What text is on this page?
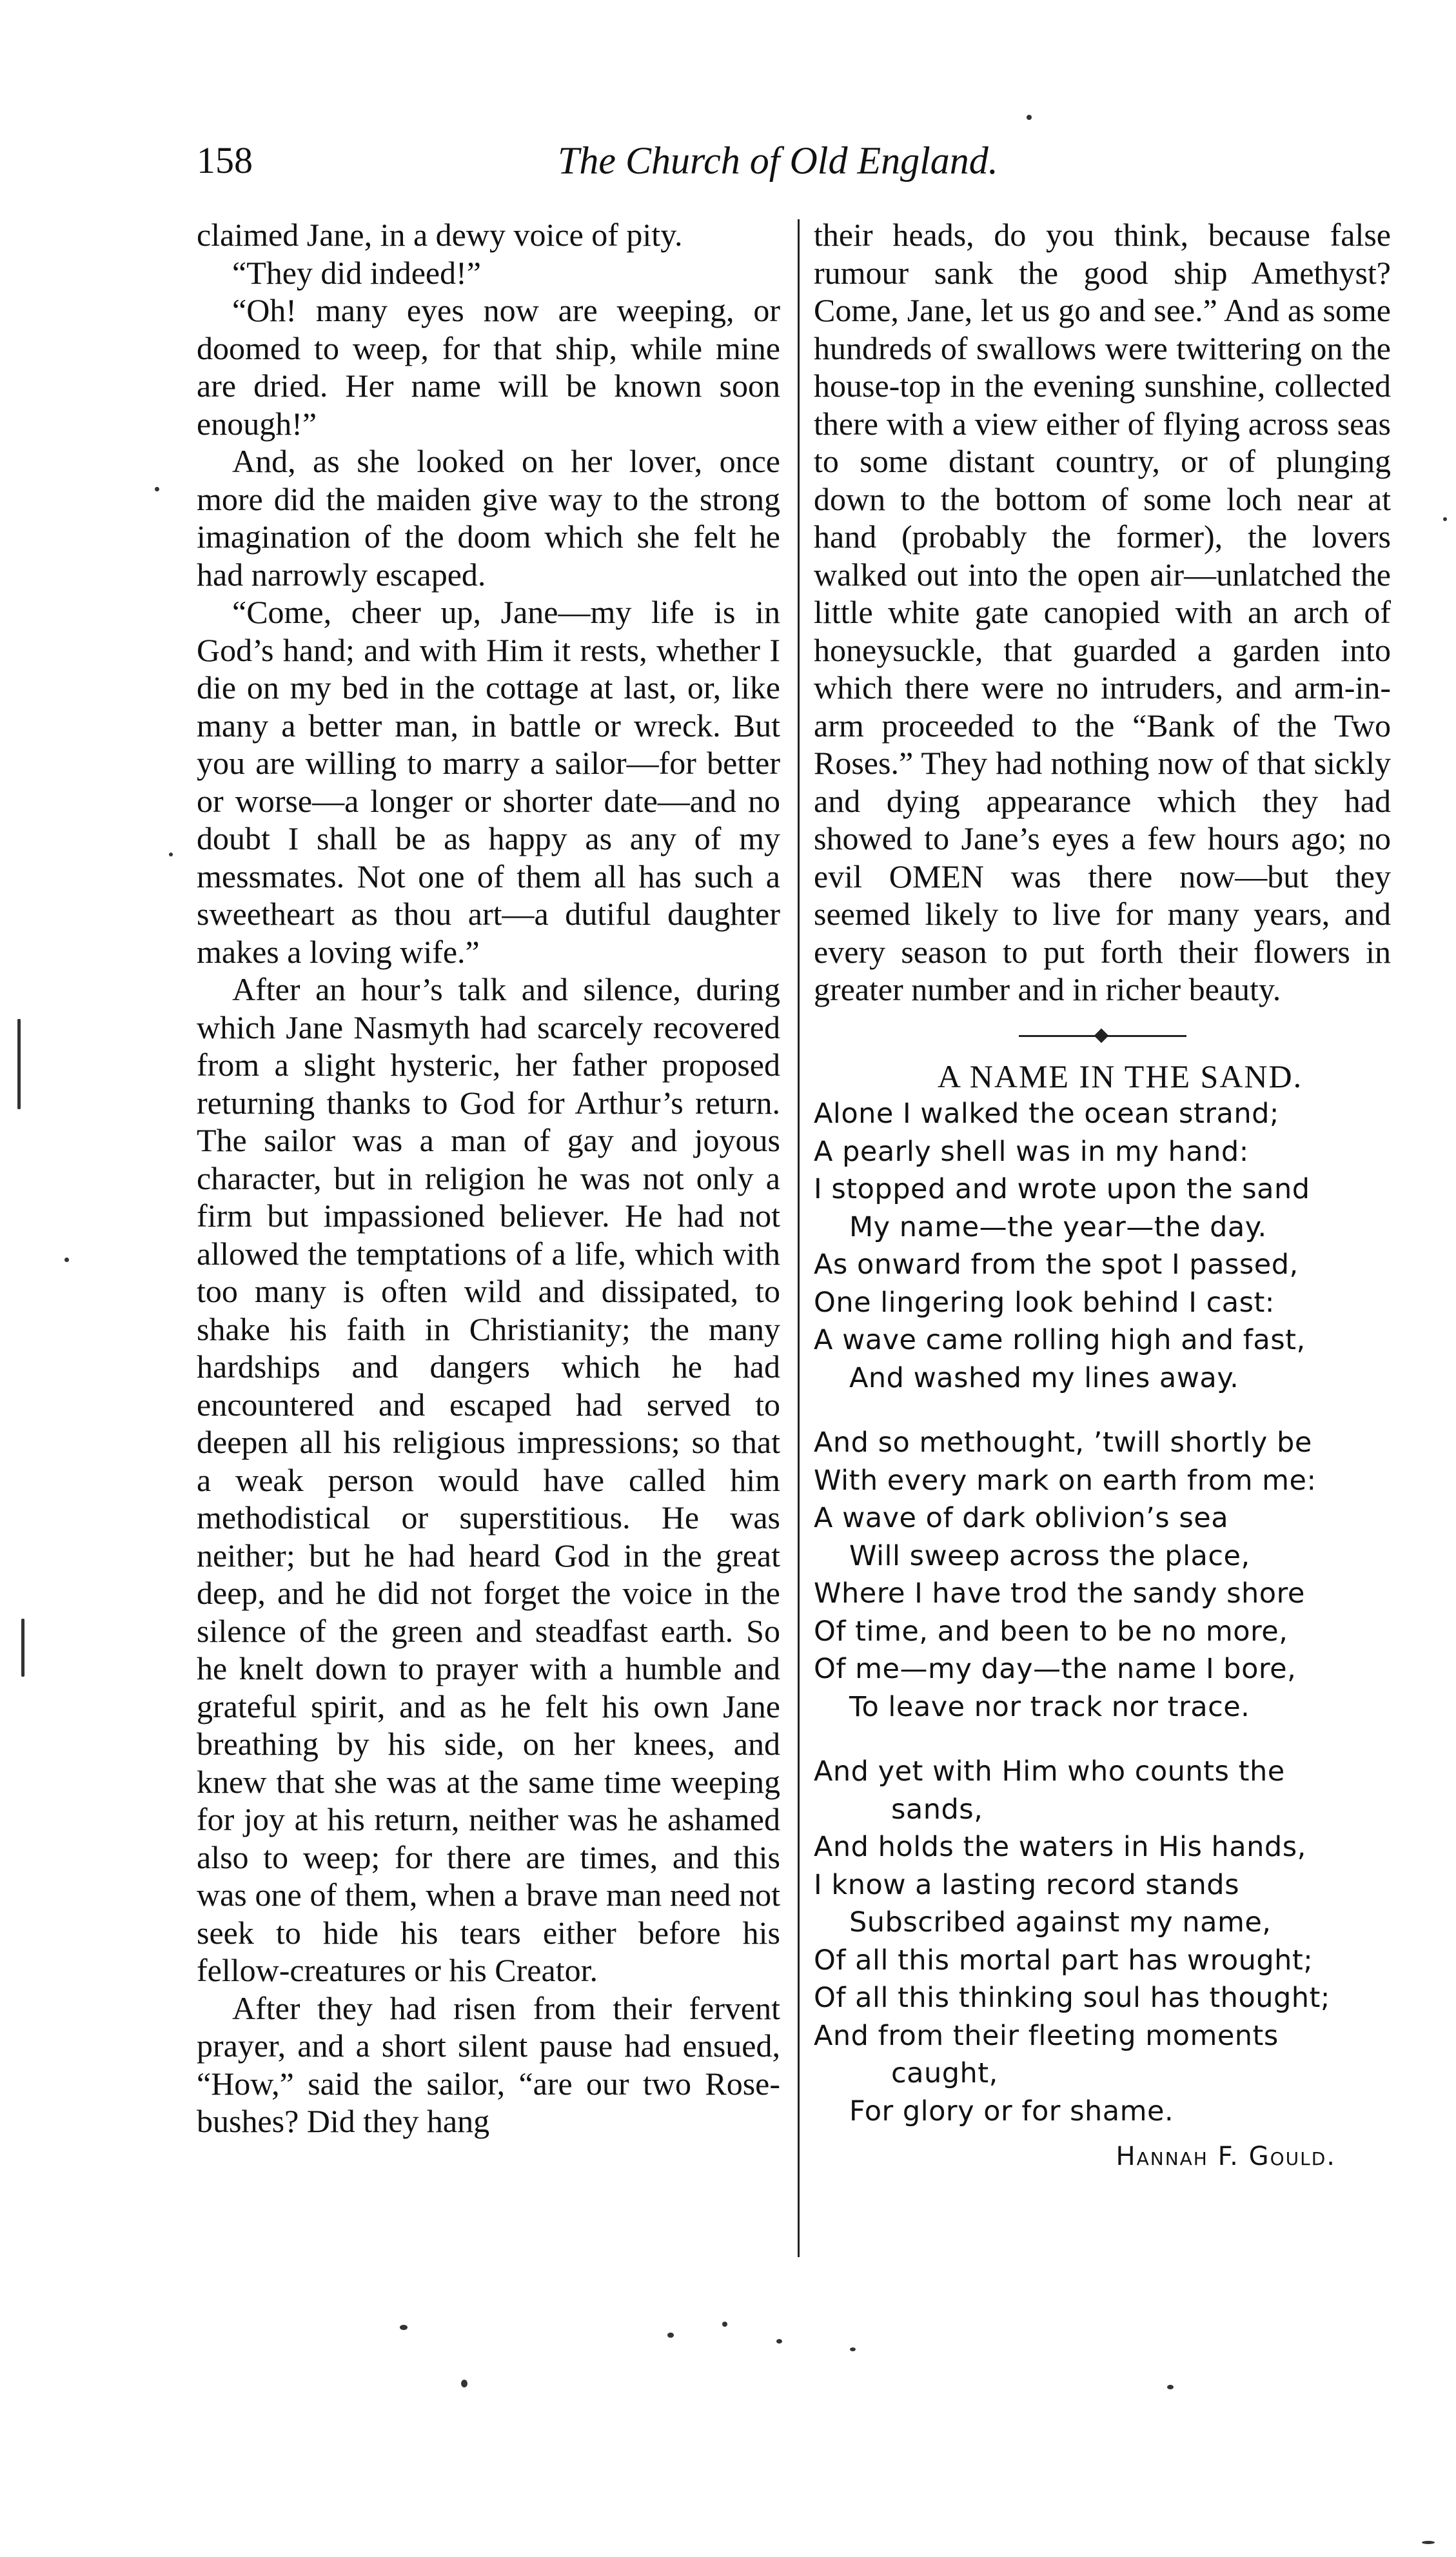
158	The Church of Old England.

claimed Jane, in a dewy voice of pity.

“They did indeed!”

“Oh! many eyes now are weeping, or doomed to weep, for that ship, while mine are dried. Her name will be known soon enough!”

And, as she looked on her lover, once more did the maiden give way to the strong imagination of the doom which she felt he had narrowly escaped.

“Come, cheer up, Jane—my life is in God’s hand; and with Him it rests, whether I die on my bed in the cottage at last, or, like many a better man, in battle or wreck. But you are willing to marry a sailor—for better or worse—a longer or shorter date—and no doubt I shall be as happy as any of my messmates. Not one of them all has such a sweetheart as thou art—a dutiful daughter makes a loving wife.”

After an hour’s talk and silence, during which Jane Nasmyth had scarcely recovered from a slight hysteric, her father proposed returning thanks to God for Arthur’s return. The sailor was a man of gay and joyous character, but in religion he was not only a firm but impassioned believer. He had not allowed the temptations of a life, which with too many is often wild and dissipated, to shake his faith in Christianity; the many hardships and dangers which he had encountered and escaped had served to deepen all his religious impressions; so that a weak person would have called him methodistical or superstitious. He was neither; but he had heard God in the great deep, and he did not forget the voice in the silence of the green and steadfast earth. So he knelt down to prayer with a humble and grateful spirit, and as he felt his own Jane breathing by his side, on her knees, and knew that she was at the same time weeping for joy at his return, neither was he ashamed also to weep; for there are times, and this was one of them, when a brave man need not seek to hide his tears either before his fellow-creatures or his Creator.

After they had risen from their fervent prayer, and a short silent pause had ensued, “How,” said the sailor, “are our two Rose-bushes? Did they hang

their heads, do you think, because false rumour sank the good ship Amethyst? Come, Jane, let us go and see.” And as some hundreds of swallows were twittering on the house-top in the evening sunshine, collected there with a view either of flying across seas to some distant country, or of plunging down to the bottom of some loch near at hand (probably the former), the lovers walked out into the open air—unlatched the little white gate canopied with an arch of honeysuckle, that guarded a garden into which there were no intruders, and arm-in-arm proceeded to the “Bank of the Two Roses.” They had nothing now of that sickly and dying appearance which they had showed to Jane’s eyes a few hours ago; no evil OMEN was there now—but they seemed likely to live for many years, and every season to put forth their flowers in greater number and in richer beauty.

A NAME IN THE SAND.

Alone I walked the ocean strand;
A pearly shell was in my hand:
I stopped and wrote upon the sand
My name—the year—the day.
As onward from the spot I passed,
One lingering look behind I cast:
A wave came rolling high and fast,
And washed my lines away.
And so methought, ’twill shortly be
With every mark on earth from me:
A wave of dark oblivion’s sea
Will sweep across the place,
Where I have trod the sandy shore
Of time, and been to be no more,
Of me—my day—the name I bore,
To leave nor track nor trace.
And yet with Him who counts the
sands,
And holds the waters in His hands,
I know a lasting record stands
Subscribed against my name,
Of all this mortal part has wrought;
Of all this thinking soul has thought;
And from their fleeting moments
caught,
For glory or for shame.
Hannah F. Gould.
